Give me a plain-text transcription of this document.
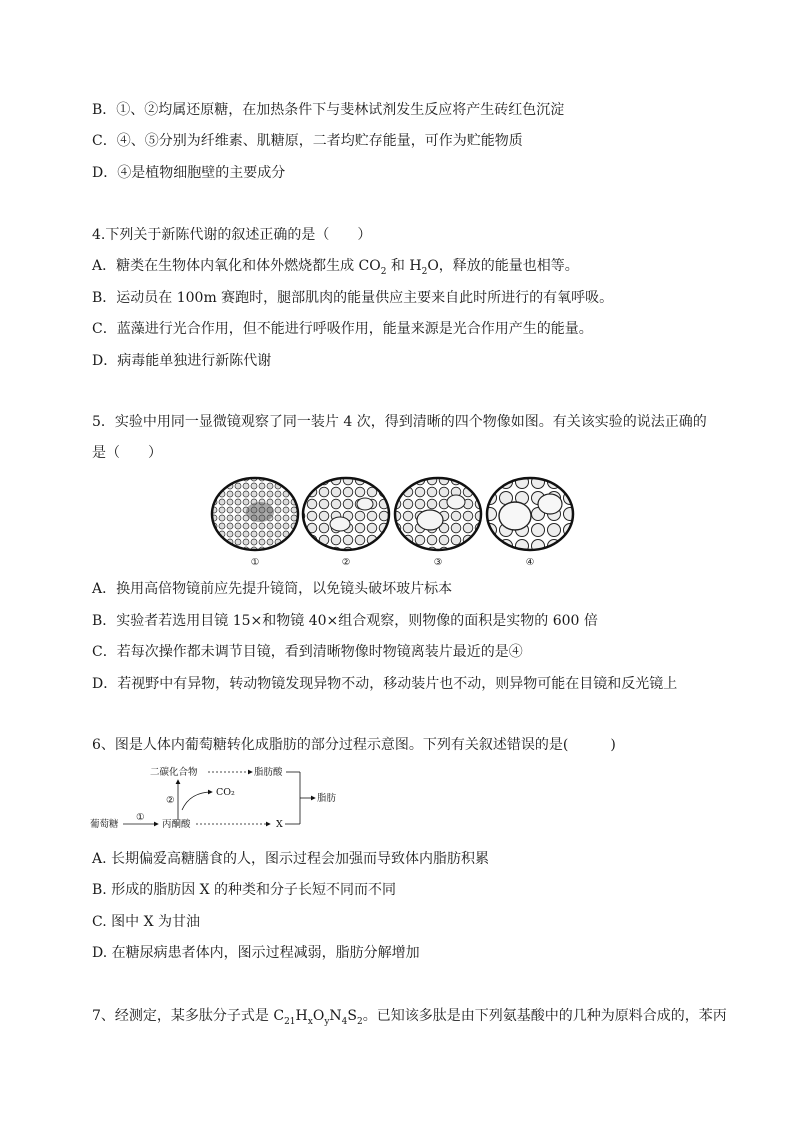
B．①、②均属还原糖，在加热条件下与斐林试剂发生反应将产生砖红色沉淀
C．④、⑤分别为纤维素、肌糖原，二者均贮存能量，可作为贮能物质
D．④是植物细胞壁的主要成分
4.下列关于新陈代谢的叙述正确的是（　　）
A．糖类在生物体内氧化和体外燃烧都生成 $CO_2$ 和 $H_2O$，释放的能量也相等。
B．运动员在 100m 赛跑时，腿部肌肉的能量供应主要来自此时所进行的有氧呼吸。
C．蓝藻进行光合作用，但不能进行呼吸作用，能量来源是光合作用产生的能量。
D．病毒能单独进行新陈代谢
5．实验中用同一显微镜观察了同一装片 4 次，得到清晰的四个物像如图。有关该实验的说法正确的
是（　　）
①	②	③	④
A．换用高倍物镜前应先提升镜筒，以免镜头破坏玻片标本
B．实验者若选用目镜 15×和物镜 40×组合观察，则物像的面积是实物的 600 倍
C．若每次操作都未调节目镜，看到清晰物像时物镜离装片最近的是④
D．若视野中有异物，转动物镜发现异物不动，移动装片也不动，则异物可能在目镜和反光镜上
6、图是人体内葡萄糖转化成脂肪的部分过程示意图。下列有关叙述错误的是(　　　)
二碳化合物	脂肪酸
脂肪
②
CO₂
葡萄糖
①
丙酮酸	X
A. 长期偏爱高糖膳食的人，图示过程会加强而导致体内脂肪积累
B. 形成的脂肪因 X 的种类和分子长短不同而不同
C. 图中 X 为甘油
D. 在糖尿病患者体内，图示过程减弱，脂肪分解增加
7、经测定，某多肽分子式是 $C_{21}H_xO_yN_4S_2$。已知该多肽是由下列氨基酸中的几种为原料合成的，苯丙
